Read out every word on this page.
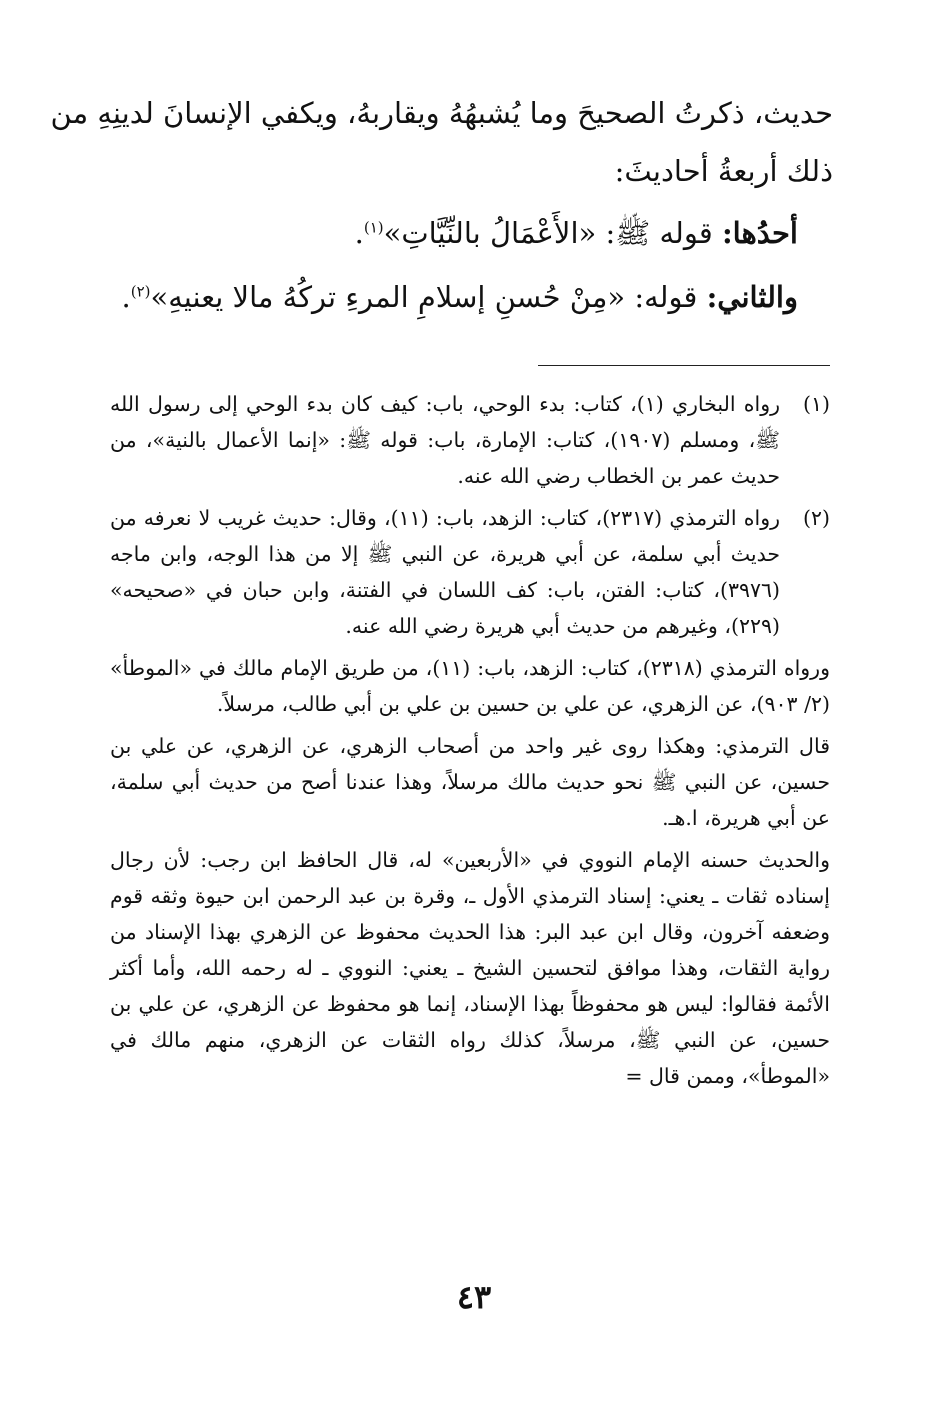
حديث، ذكرتُ الصحيحَ وما يُشبهُهُ ويقاربهُ، ويكفي الإنسانَ لدينِهِ من
ذلك أربعةُ أحاديثَ:
أحدُها: قوله ﷺ: «الأَعْمَالُ بالنِّيَّاتِ»$^{(١)}$.
والثاني: قوله: «مِنْ حُسنِ إسلامِ المرءِ تركُهُ مالا يعنيهِ»$^{(٢)}$.
(١)
رواه البخاري (١)، كتاب: بدء الوحي، باب: كيف كان بدء الوحي إلى رسول الله ﷺ، ومسلم (١٩٠٧)، كتاب: الإمارة، باب: قوله ﷺ: «إنما الأعمال بالنية»، من حديث عمر بن الخطاب رضي الله عنه.
(٢)
رواه الترمذي (٢٣١٧)، كتاب: الزهد، باب: (١١)، وقال: حديث غريب لا نعرفه من حديث أبي سلمة، عن أبي هريرة، عن النبي ﷺ إلا من هذا الوجه، وابن ماجه (٣٩٧٦)، كتاب: الفتن، باب: كف اللسان في الفتنة، وابن حبان في «صحيحه» (٢٢٩)، وغيرهم من حديث أبي هريرة رضي الله عنه.
ورواه الترمذي (٢٣١٨)، كتاب: الزهد، باب: (١١)، من طريق الإمام مالك في «الموطأ» (٢/ ٩٠٣)، عن الزهري، عن علي بن حسين بن علي بن أبي طالب، مرسلاً.
قال الترمذي: وهكذا روى غير واحد من أصحاب الزهري، عن الزهري، عن علي بن حسين، عن النبي ﷺ نحو حديث مالك مرسلاً، وهذا عندنا أصح من حديث أبي سلمة، عن أبي هريرة، ا.هـ.
والحديث حسنه الإمام النووي في «الأربعين» له، قال الحافظ ابن رجب: لأن رجال إسناده ثقات ـ يعني: إسناد الترمذي الأول ـ، وقرة بن عبد الرحمن ابن حيوة وثقه قوم وضعفه آخرون، وقال ابن عبد البر: هذا الحديث محفوظ عن الزهري بهذا الإسناد من رواية الثقات، وهذا موافق لتحسين الشيخ ـ يعني: النووي ـ له رحمه الله، وأما أكثر الأئمة فقالوا: ليس هو محفوظاً بهذا الإسناد، إنما هو محفوظ عن الزهري، عن علي بن حسين، عن النبي ﷺ، مرسلاً، كذلك رواه الثقات عن الزهري، منهم مالك في «الموطأ»، وممن قال =
٤٣
